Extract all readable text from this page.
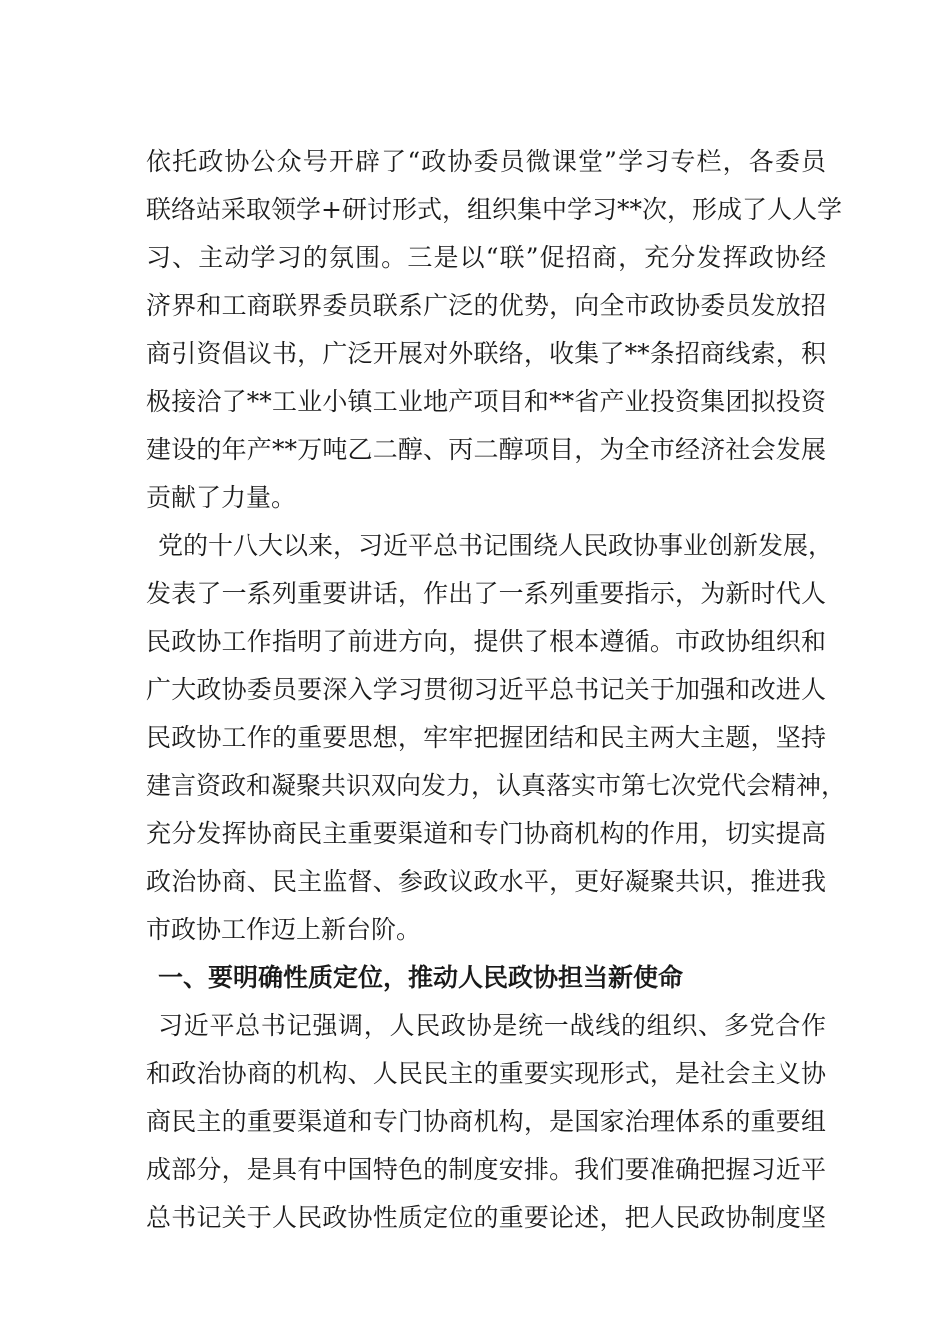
依托政协公众号开辟了“政协委员微课堂”学习专栏，各委员
联络站采取领学+研讨形式，组织集中学习**次，形成了人人学
习、主动学习的氛围。三是以“联”促招商，充分发挥政协经
济界和工商联界委员联系广泛的优势，向全市政协委员发放招
商引资倡议书，广泛开展对外联络，收集了**条招商线索，积
极接洽了**工业小镇工业地产项目和**省产业投资集团拟投资
建设的年产**万吨乙二醇、丙二醇项目，为全市经济社会发展
贡献了力量。
党的十八大以来，习近平总书记围绕人民政协事业创新发展，
发表了一系列重要讲话，作出了一系列重要指示，为新时代人
民政协工作指明了前进方向，提供了根本遵循。市政协组织和
广大政协委员要深入学习贯彻习近平总书记关于加强和改进人
民政协工作的重要思想，牢牢把握团结和民主两大主题，坚持
建言资政和凝聚共识双向发力，认真落实市第七次党代会精神，
充分发挥协商民主重要渠道和专门协商机构的作用，切实提高
政治协商、民主监督、参政议政水平，更好凝聚共识，推进我
市政协工作迈上新台阶。
一、要明确性质定位，推动人民政协担当新使命
习近平总书记强调，人民政协是统一战线的组织、多党合作
和政治协商的机构、人民民主的重要实现形式，是社会主义协
商民主的重要渠道和专门协商机构，是国家治理体系的重要组
成部分，是具有中国特色的制度安排。我们要准确把握习近平
总书记关于人民政协性质定位的重要论述，把人民政协制度坚
